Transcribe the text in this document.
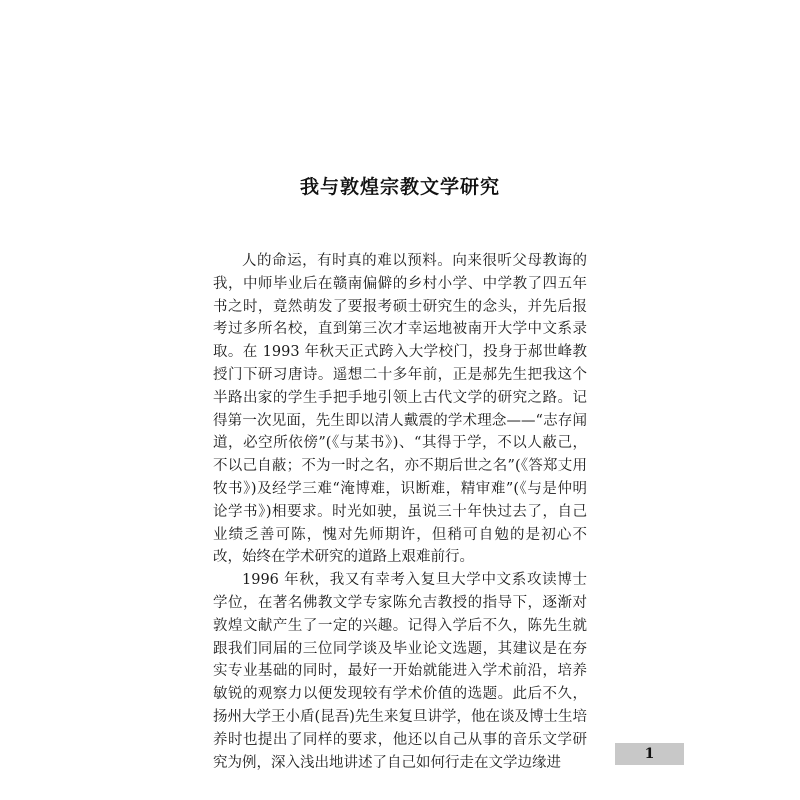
我与敦煌宗教文学研究

人的命运，有时真的难以预料。向来很听父母教诲的我，中师毕业后在赣南偏僻的乡村小学、中学教了四五年书之时，竟然萌发了要报考硕士研究生的念头，并先后报考过多所名校，直到第三次才幸运地被南开大学中文系录取。在 1993 年秋天正式跨入大学校门，投身于郝世峰教授门下研习唐诗。遥想二十多年前，正是郝先生把我这个半路出家的学生手把手地引领上古代文学的研究之路。记得第一次见面，先生即以清人戴震的学术理念——“志存闻道，必空所依傍”(《与某书》)、“其得于学，不以人蔽己，不以己自蔽；不为一时之名，亦不期后世之名”(《答郑丈用牧书》)及经学三难“淹博难，识断难，精审难”(《与是仲明论学书》)相要求。时光如驶，虽说三十年快过去了，自己业绩乏善可陈，愧对先师期许，但稍可自勉的是初心不改，始终在学术研究的道路上艰难前行。

1996 年秋，我又有幸考入复旦大学中文系攻读博士学位，在著名佛教文学专家陈允吉教授的指导下，逐渐对敦煌文献产生了一定的兴趣。记得入学后不久，陈先生就跟我们同届的三位同学谈及毕业论文选题，其建议是在夯实专业基础的同时，最好一开始就能进入学术前沿，培养敏锐的观察力以便发现较有学术价值的选题。此后不久，扬州大学王小盾(昆吾)先生来复旦讲学，他在谈及博士生培养时也提出了同样的要求，他还以自己从事的音乐文学研究为例，深入浅出地讲述了自己如何行走在文学边缘进

1
